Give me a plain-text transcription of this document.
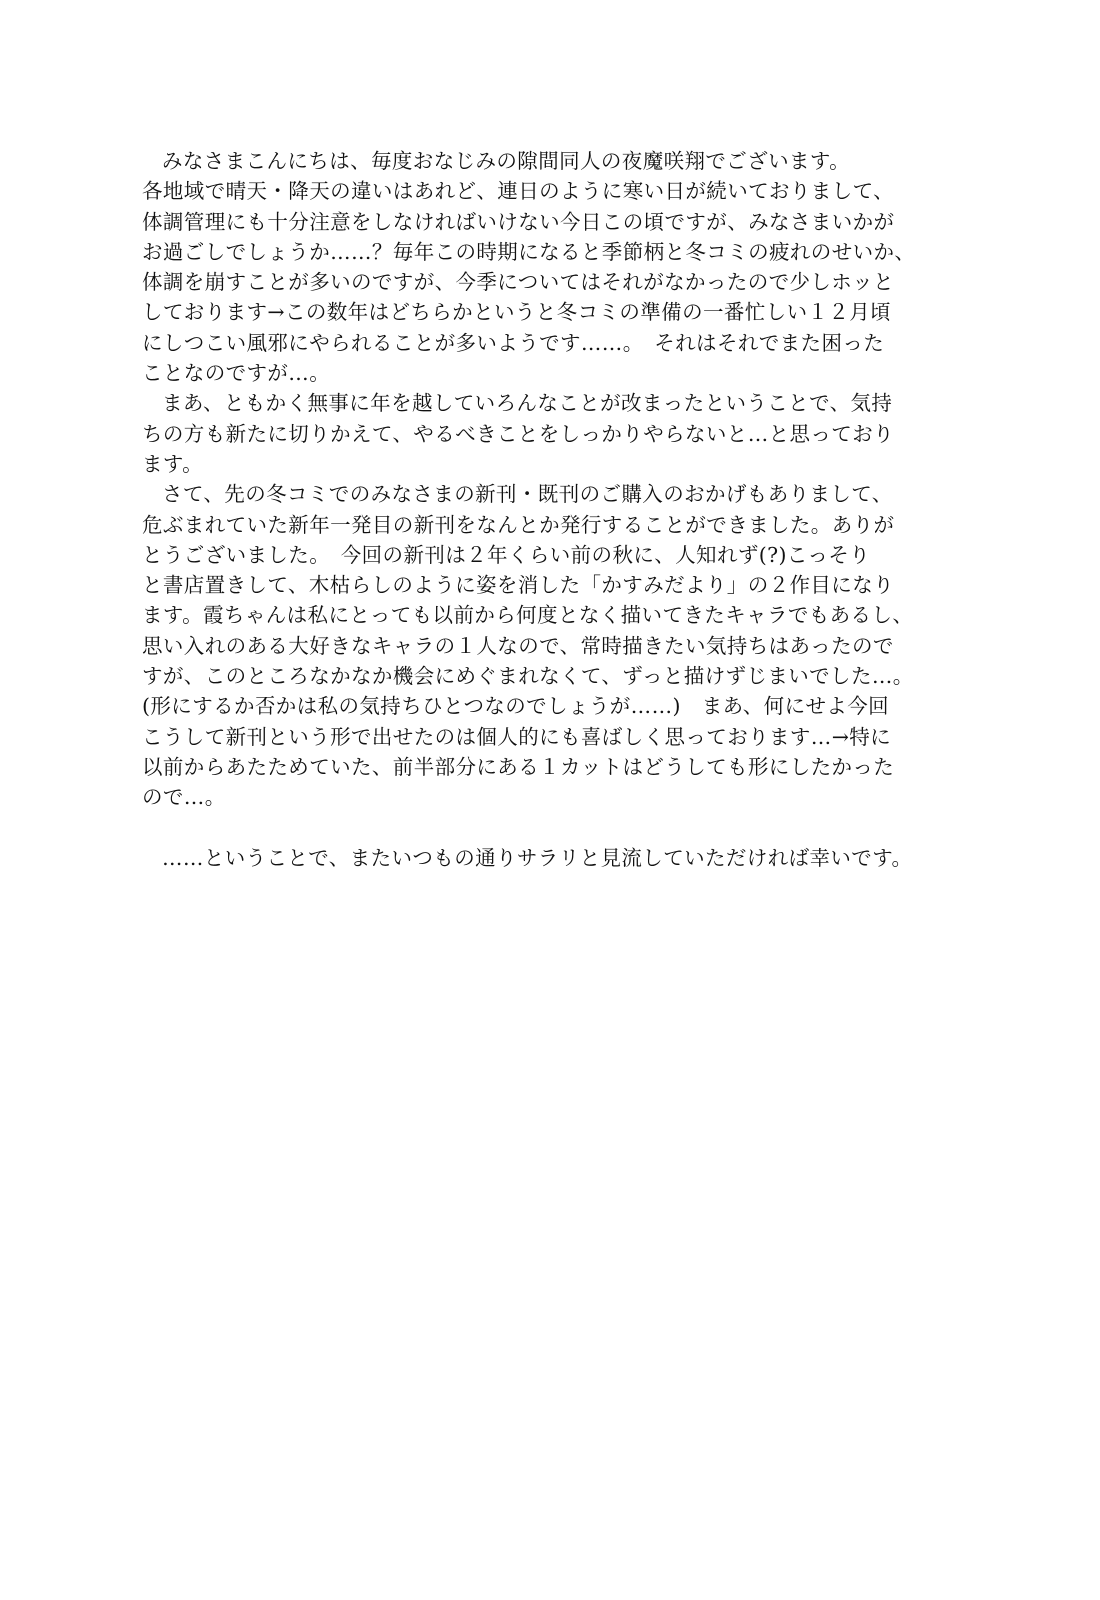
みなさまこんにちは、毎度おなじみの隙間同人の夜魔咲翔でございます。
各地域で晴天・降天の違いはあれど、連日のように寒い日が続いておりまして、
体調管理にも十分注意をしなければいけない今日この頃ですが、みなさまいかが
お過ごしでしょうか……？毎年この時期になると季節柄と冬コミの疲れのせいか、
体調を崩すことが多いのですが、今季についてはそれがなかったので少しホッと
しております→この数年はどちらかというと冬コミの準備の一番忙しい１２月頃
にしつこい風邪にやられることが多いようです……。　それはそれでまた困った
ことなのですが…。
まあ、ともかく無事に年を越していろんなことが改まったということで、気持
ちの方も新たに切りかえて、やるべきことをしっかりやらないと…と思っており
ます。
さて、先の冬コミでのみなさまの新刊・既刊のご購入のおかげもありまして、
危ぶまれていた新年一発目の新刊をなんとか発行することができました。ありが
とうございました。　今回の新刊は２年くらい前の秋に、人知れず(?)こっそり
と書店置きして、木枯らしのように姿を消した「かすみだより」の２作目になり
ます。霞ちゃんは私にとっても以前から何度となく描いてきたキャラでもあるし、
思い入れのある大好きなキャラの１人なので、常時描きたい気持ちはあったので
すが、このところなかなか機会にめぐまれなくて、ずっと描けずじまいでした…。
(形にするか否かは私の気持ちひとつなのでしょうが……)　まあ、何にせよ今回
こうして新刊という形で出せたのは個人的にも喜ばしく思っております…→特に
以前からあたためていた、前半部分にある１カットはどうしても形にしたかった
ので…。
……ということで、またいつもの通りサラリと見流していただければ幸いです。
